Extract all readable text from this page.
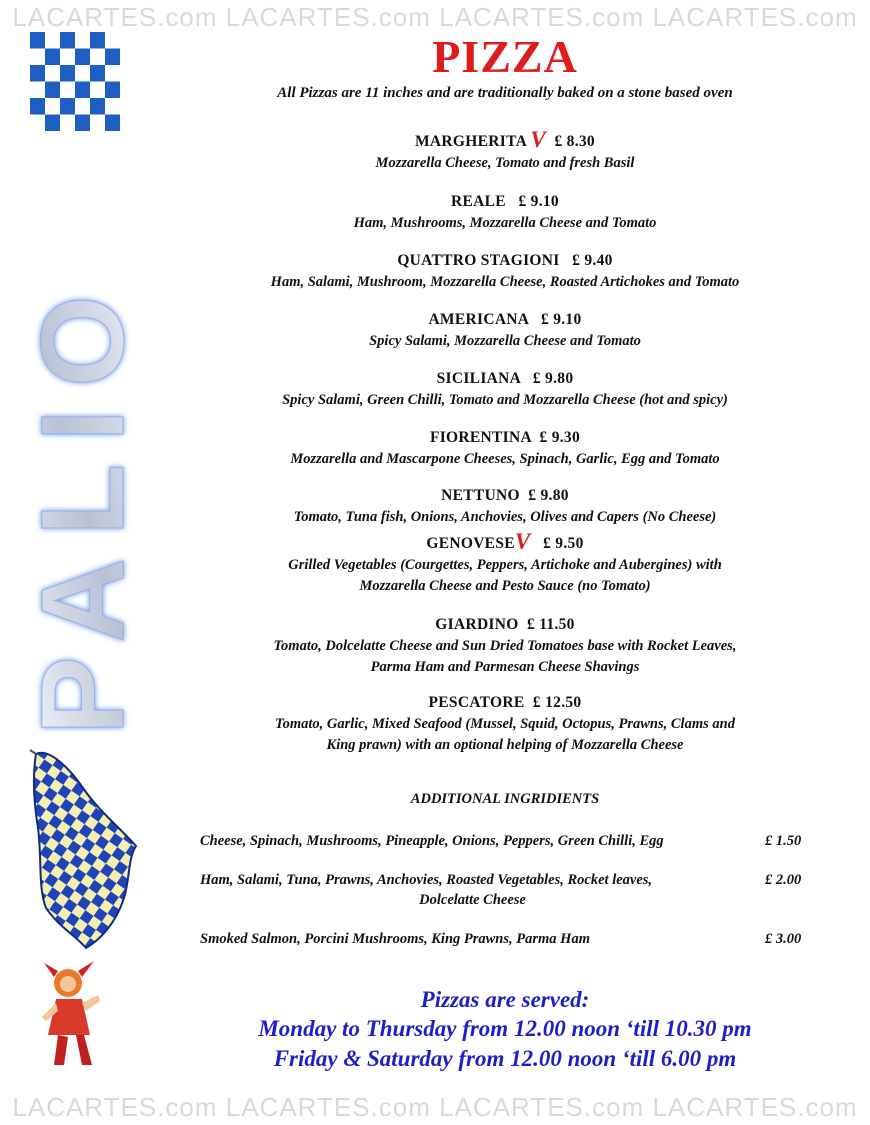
LACARTES.com LACARTES.com LACARTES.com LACARTES.com
PALIO
PIZZA
All Pizzas are 11 inches and are traditionally baked on a stone based oven
MARGHERITA V £ 8.30
Mozzarella Cheese, Tomato and fresh Basil
REALE £ 9.10
Ham, Mushrooms, Mozzarella Cheese and Tomato
QUATTRO STAGIONI £ 9.40
Ham, Salami, Mushroom, Mozzarella Cheese, Roasted Artichokes and Tomato
AMERICANA £ 9.10
Spicy Salami, Mozzarella Cheese and Tomato
SICILIANA £ 9.80
Spicy Salami, Green Chilli, Tomato and Mozzarella Cheese (hot and spicy)
FIORENTINA £ 9.30
Mozzarella and Mascarpone Cheeses, Spinach, Garlic, Egg and Tomato
NETTUNO £ 9.80
Tomato, Tuna fish, Onions, Anchovies, Olives and Capers (No Cheese)
GENOVESEV £ 9.50
Grilled Vegetables (Courgettes, Peppers, Artichoke and Aubergines) with
Mozzarella Cheese and Pesto Sauce (no Tomato)
GIARDINO £ 11.50
Tomato, Dolcelatte Cheese and Sun Dried Tomatoes base with Rocket Leaves,
Parma Ham and Parmesan Cheese Shavings
PESCATORE £ 12.50
Tomato, Garlic, Mixed Seafood (Mussel, Squid, Octopus, Prawns, Clams and
King prawn) with an optional helping of Mozzarella Cheese
ADDITIONAL INGRIDIENTS
Cheese, Spinach, Mushrooms, Pineapple, Onions, Peppers, Green Chilli, Egg	£ 1.50
Ham, Salami, Tuna, Prawns, Anchovies, Roasted Vegetables, Rocket leaves,	£ 2.00
Dolcelatte Cheese
Smoked Salmon, Porcini Mushrooms, King Prawns, Parma Ham	£ 3.00
Pizzas are served:
Monday to Thursday from 12.00 noon ‘till 10.30 pm
Friday & Saturday from 12.00 noon ‘till 6.00 pm
LACARTES.com LACARTES.com LACARTES.com LACARTES.com
